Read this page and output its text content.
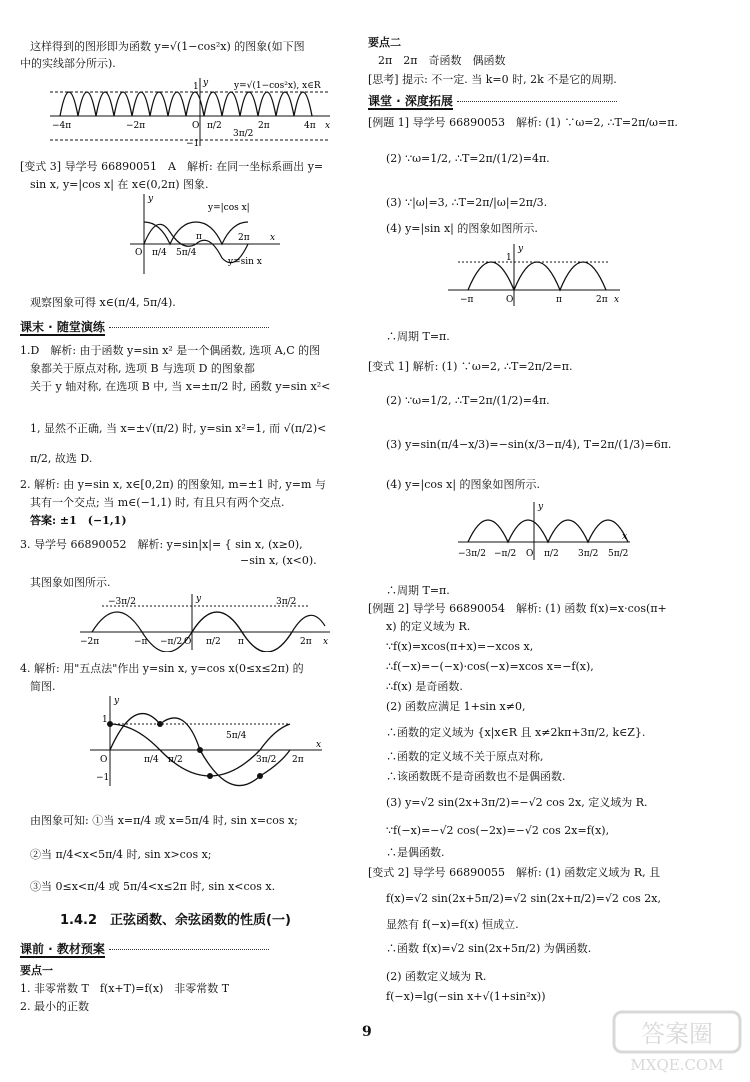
这样得到的图形即为函数 y=√(1−cos²x) 的图象(如下图
中的实线部分所示).
y=√(1−cos²x), x∈R
1
−1
x
y
−4π	−2π	O π/2
3π/2
2π	4π
[变式 3] 导学号 66890051　A　解析: 在同一坐标系画出 y=
sin x, y=|cos x| 在 x∈(0,2π) 图象.
y=|cos x|
y=sin x
x
y
O π/4 5π/4
π	2π
观察图象可得 x∈(π/4, 5π/4).
课末 · 随堂演练
1.D　解析: 由于函数 y=sin x² 是一个偶函数, 选项 A,C 的图
象都关于原点对称, 选项 B 与选项 D 的图象都
关于 y 轴对称, 在选项 B 中, 当 x=±π/2 时, 函数 y=sin x²<
1, 显然不正确, 当 x=±√(π/2) 时, y=sin x²=1, 而 √(π/2)<
π/2, 故选 D.
2. 解析: 由 y=sin x, x∈[0,2π) 的图象知, m=±1 时, y=m 与
其有一个交点; 当 m∈(−1,1) 时, 有且只有两个交点.
答案: ±1　(−1,1)
3. 导学号 66890052　解析: y=sin|x|= { sin x, (x≥0),
−sin x, (x<0).
其图象如图所示.
x
y
−2π
−3π/2
−π −π/2 O π/2 π
3π/2
2π
4. 解析: 用"五点法"作出 y=sin x, y=cos x(0≤x≤2π) 的
简图.
1
−1
x
y
O	π/4 π/2
5π/4
3π/2 2π
由图象可知: ①当 x=π/4 或 x=5π/4 时, sin x=cos x;
②当 π/4<x<5π/4 时, sin x>cos x;
③当 0≤x<π/4 或 5π/4<x≤2π 时, sin x<cos x.
1.4.2　正弦函数、余弦函数的性质(一)
课前 · 教材预案
要点一
1. 非零常数 T　f(x+T)=f(x)　非零常数 T
2. 最小的正数
要点二
2π　2π　奇函数　偶函数
[思考] 提示: 不一定. 当 k=0 时, 2k 不是它的周期.
课堂 · 深度拓展
[例题 1] 导学号 66890053　解析: (1) ∵ω=2, ∴T=2π/ω=π.
(2) ∵ω=1/2, ∴T=2π/(1/2)=4π.
(3) ∵|ω|=3, ∴T=2π/|ω|=2π/3.
(4) y=|sin x| 的图象如图所示.
1
x
y
−π	O	π	2π
∴周期 T=π.
[变式 1] 解析: (1) ∵ω=2, ∴T=2π/2=π.
(2) ∵ω=1/2, ∴T=2π/(1/2)=4π.
(3) y=sin(π/4−x/3)=−sin(x/3−π/4), T=2π/(1/3)=6π.
(4) y=|cos x| 的图象如图所示.
x
y
−3π/2 −π/2 O π/2 3π/2 5π/2
∴周期 T=π.
[例题 2] 导学号 66890054　解析: (1) 函数 f(x)=x·cos(π+
x) 的定义域为 R.
∵f(x)=xcos(π+x)=−xcos x,
∴f(−x)=−(−x)·cos(−x)=xcos x=−f(x),
∴f(x) 是奇函数.
(2) 函数应满足 1+sin x≠0,
∴函数的定义域为 {x|x∈R 且 x≠2kπ+3π/2, k∈Z}.
∴函数的定义域不关于原点对称,
∴该函数既不是奇函数也不是偶函数.
(3) y=√2 sin(2x+3π/2)=−√2 cos 2x, 定义域为 R.
∵f(−x)=−√2 cos(−2x)=−√2 cos 2x=f(x),
∴是偶函数.
[变式 2] 导学号 66890055　解析: (1) 函数定义域为 R, 且
f(x)=√2 sin(2x+5π/2)=√2 sin(2x+π/2)=√2 cos 2x,
显然有 f(−x)=f(x) 恒成立.
∴函数 f(x)=√2 sin(2x+5π/2) 为偶函数.
(2) 函数定义域为 R.
f(−x)=lg(−sin x+√(1+sin²x))
9	答案圈
MXQE.COM
